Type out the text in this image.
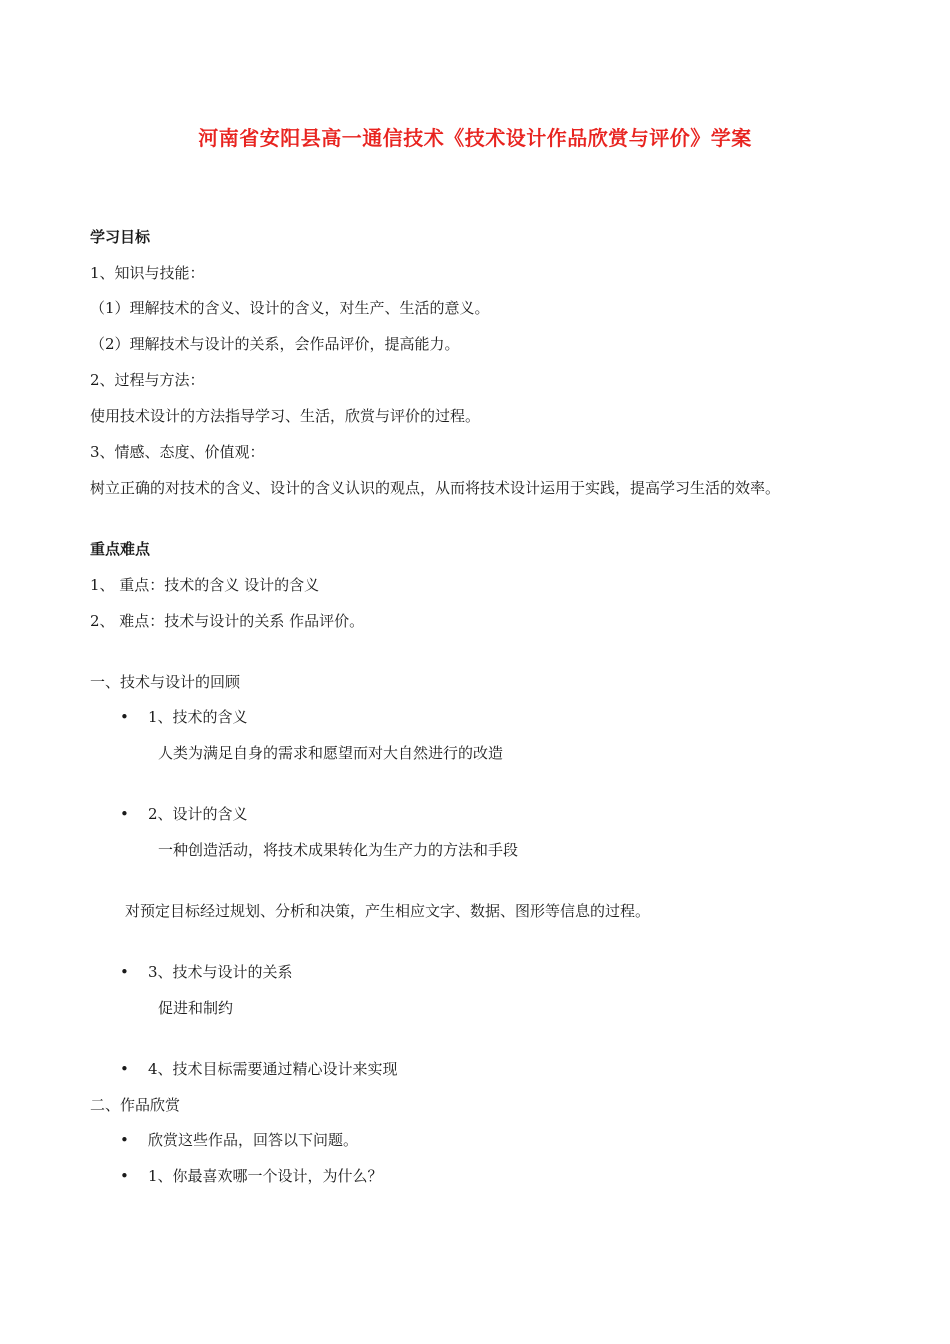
河南省安阳县高一通信技术《技术设计作品欣赏与评价》学案
学习目标
1、知识与技能：
（1）理解技术的含义、设计的含义，对生产、生活的意义。
（2）理解技术与设计的关系，会作品评价，提高能力。
2、过程与方法：
使用技术设计的方法指导学习、生活，欣赏与评价的过程。
3、情感、态度、价值观：
树立正确的对技术的含义、设计的含义认识的观点，从而将技术设计运用于实践，提高学习生活的效率。
重点难点
1、 重点：技术的含义 设计的含义
2、 难点：技术与设计的关系 作品评价。
一、技术与设计的回顾
• 1、技术的含义
人类为满足自身的需求和愿望而对大自然进行的改造
• 2、设计的含义
一种创造活动，将技术成果转化为生产力的方法和手段
对预定目标经过规划、分析和决策，产生相应文字、数据、图形等信息的过程。
• 3、技术与设计的关系
促进和制约
• 4、技术目标需要通过精心设计来实现
二、作品欣赏
• 欣赏这些作品，回答以下问题。
• 1、你最喜欢哪一个设计，为什么？
